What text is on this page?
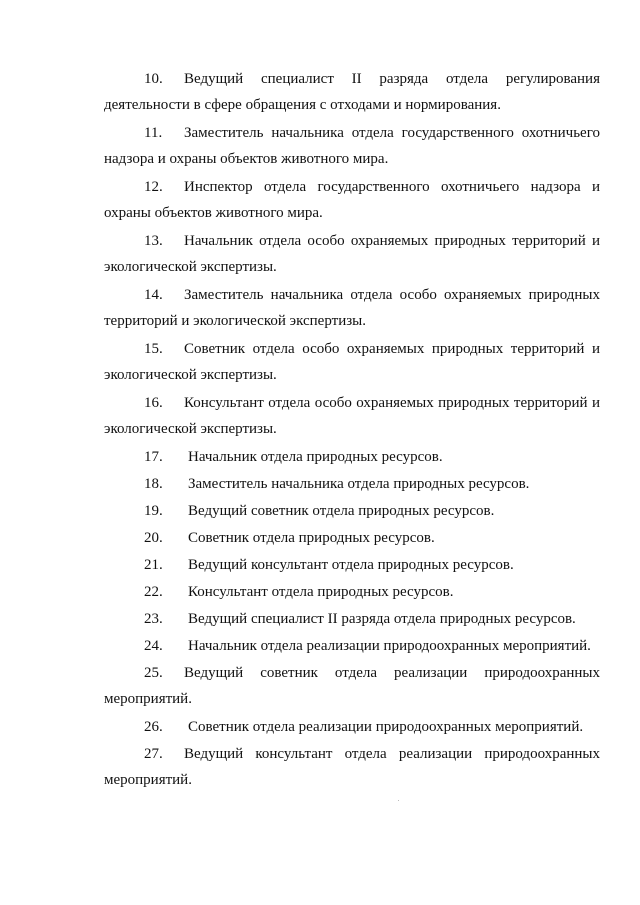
10. Ведущий специалист II разряда отдела регулирования
деятельности в сфере обращения с отходами и нормирования.
11. Заместитель начальника отдела государственного охотничьего
надзора и охраны объектов животного мира.
12. Инспектор отдела государственного охотничьего надзора и
охраны объектов животного мира.
13. Начальник отдела особо охраняемых природных территорий и
экологической экспертизы.
14. Заместитель начальника отдела особо охраняемых природных
территорий и экологической экспертизы.
15. Советник отдела особо охраняемых природных территорий и
экологической экспертизы.
16. Консультант отдела особо охраняемых природных территорий и
экологической экспертизы.
17. Начальник отдела природных ресурсов.
18. Заместитель начальника отдела природных ресурсов.
19. Ведущий советник отдела природных ресурсов.
20. Советник отдела природных ресурсов.
21. Ведущий консультант отдела природных ресурсов.
22. Консультант отдела природных ресурсов.
23. Ведущий специалист II разряда отдела природных ресурсов.
24. Начальник отдела реализации природоохранных мероприятий.
25. Ведущий советник отдела реализации природоохранных
мероприятий.
26. Советник отдела реализации природоохранных мероприятий.
27. Ведущий консультант отдела реализации природоохранных
мероприятий.
